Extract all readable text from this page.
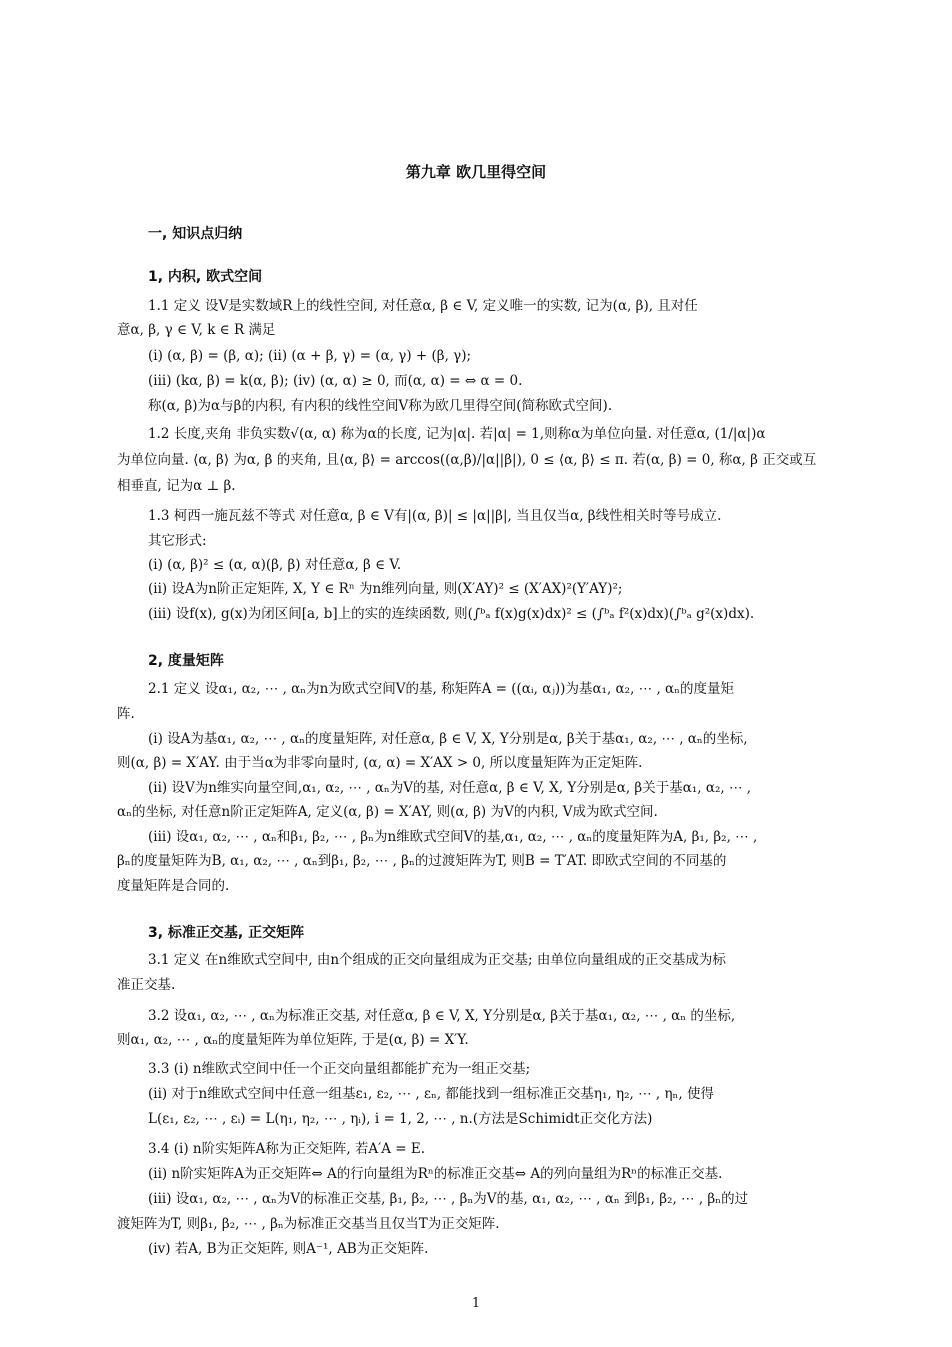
第九章 欧几里得空间
一, 知识点归纳
1, 内积, 欧式空间
1.1 定义 设V是实数域R上的线性空间, 对任意α, β ∈ V, 定义唯一的实数, 记为(α, β), 且对任
意α, β, γ ∈ V, k ∈ R 满足
(i) (α, β) = (β, α); (ii) (α + β, γ) = (α, γ) + (β, γ);
(iii) (kα, β) = k(α, β); (iv) (α, α) ≥ 0, 而(α, α) = ⇔ α = 0.
称(α, β)为α与β的内积, 有内积的线性空间V称为欧几里得空间(简称欧式空间).
1.2 长度,夹角 非负实数√(α, α) 称为α的长度, 记为|α|. 若|α| = 1,则称α为单位向量. 对任意α, (1/|α|)α
为单位向量. ⟨α, β⟩ 为α, β 的夹角, 且⟨α, β⟩ = arccos((α,β)/|α||β|), 0 ≤ ⟨α, β⟩ ≤ π. 若(α, β) = 0, 称α, β 正交或互
相垂直, 记为α ⊥ β.
1.3 柯西一施瓦兹不等式 对任意α, β ∈ V有|(α, β)| ≤ |α||β|, 当且仅当α, β线性相关时等号成立.
其它形式:
(i) (α, β)² ≤ (α, α)(β, β) 对任意α, β ∈ V.
(ii) 设A为n阶正定矩阵, X, Y ∈ Rⁿ 为n维列向量, 则(X′AY)² ≤ (X′AX)²(Y′AY)²;
(iii) 设f(x), g(x)为闭区间[a, b]上的实的连续函数, 则(∫ᵇₐ f(x)g(x)dx)² ≤ (∫ᵇₐ f²(x)dx)(∫ᵇₐ g²(x)dx).
2, 度量矩阵
2.1 定义 设α₁, α₂, ⋯ , αₙ为n为欧式空间V的基, 称矩阵A = ((αᵢ, αⱼ))为基α₁, α₂, ⋯ , αₙ的度量矩
阵.
(i) 设A为基α₁, α₂, ⋯ , αₙ的度量矩阵, 对任意α, β ∈ V, X, Y分别是α, β关于基α₁, α₂, ⋯ , αₙ的坐标,
则(α, β) = X′AY. 由于当α为非零向量时, (α, α) = X′AX > 0, 所以度量矩阵为正定矩阵.
(ii) 设V为n维实向量空间,α₁, α₂, ⋯ , αₙ为V的基, 对任意α, β ∈ V, X, Y分别是α, β关于基α₁, α₂, ⋯ ,
αₙ的坐标, 对任意n阶正定矩阵A, 定义(α, β) = X′AY, 则(α, β) 为V的内积, V成为欧式空间.
(iii) 设α₁, α₂, ⋯ , αₙ和β₁, β₂, ⋯ , βₙ为n维欧式空间V的基,α₁, α₂, ⋯ , αₙ的度量矩阵为A, β₁, β₂, ⋯ ,
βₙ的度量矩阵为B, α₁, α₂, ⋯ , αₙ到β₁, β₂, ⋯ , βₙ的过渡矩阵为T, 则B = T′AT. 即欧式空间的不同基的
度量矩阵是合同的.
3, 标准正交基, 正交矩阵
3.1 定义 在n维欧式空间中, 由n个组成的正交向量组成为正交基; 由单位向量组成的正交基成为标
准正交基.
3.2 设α₁, α₂, ⋯ , αₙ为标准正交基, 对任意α, β ∈ V, X, Y分别是α, β关于基α₁, α₂, ⋯ , αₙ 的坐标,
则α₁, α₂, ⋯ , αₙ的度量矩阵为单位矩阵, 于是(α, β) = X′Y.
3.3 (i) n维欧式空间中任一个正交向量组都能扩充为一组正交基;
(ii) 对于n维欧式空间中任意一组基ε₁, ε₂, ⋯ , εₙ, 都能找到一组标准正交基η₁, η₂, ⋯ , ηₙ, 使得
L(ε₁, ε₂, ⋯ , εᵢ) = L(η₁, η₂, ⋯ , ηᵢ), i = 1, 2, ⋯ , n.(方法是Schimidt正交化方法)
3.4 (i) n阶实矩阵A称为正交矩阵, 若A′A = E.
(ii) n阶实矩阵A为正交矩阵⇔ A的行向量组为Rⁿ的标准正交基⇔ A的列向量组为Rⁿ的标准正交基.
(iii) 设α₁, α₂, ⋯ , αₙ为V的标准正交基, β₁, β₂, ⋯ , βₙ为V的基, α₁, α₂, ⋯ , αₙ 到β₁, β₂, ⋯ , βₙ的过
渡矩阵为T, 则β₁, β₂, ⋯ , βₙ为标准正交基当且仅当T为正交矩阵.
(iv) 若A, B为正交矩阵, 则A⁻¹, AB为正交矩阵.
1
